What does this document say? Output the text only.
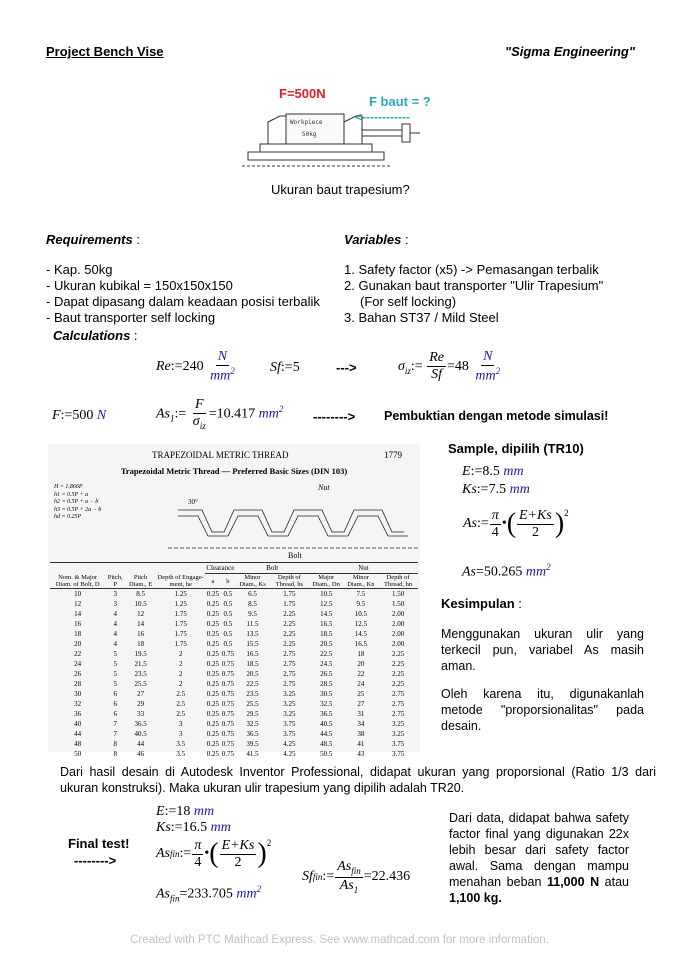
Project Bench Vise	"Sigma Engineering"
F=500N
F baut = ?
<------------
Workpiece
50kg
Ukuran baut trapesium?
Requirements :
- Kap. 50kg
- Ukuran kubikal = 150x150x150
- Dapat dipasang dalam keadaan posisi terbalik
- Baut transporter self locking
Variables :
1. Safety factor (x5) -> Pemasangan terbalik
2. Gunakan baut transporter "Ulir Trapesium"
(For self locking)
3. Bahan ST37 / Mild Steel
Calculations :
Re:=240 $\frac{N}{mm^2}$ Sf:=5	--->	$\sigma_{iz}:= \frac{Re}{Sf} =48 \frac{N}{mm^2}$
F:=500 N	$As_1:= \frac{F}{\sigma_{iz}} =10.417$ $mm^2$
--------> Pembuktian dengan metode simulasi!
TRAPEZOIDAL METRIC THREAD	1779
Trapezoidal Metric Thread — Preferred Basic Sizes (DIN 103)
H = 1.866P
h1 = 0.5P + a
h2 = 0.5P + a − b
h3 = 0.5P + 2a − b
hd = 0.25P
Nut
Bolt
30°
				Clearance		Bolt		Nut		
Nom. & Major Diam. of Bolt, D	Pitch, P	Pitch Diam., E	Depth of Engage-ment, he	a	b	Minor Diam., Ks	Depth of Thread, hs	Major Diam., Dn	Minor Diam., Kn	Depth of Thread, hn
10	3	8.5	1.25	0.25	0.5	6.5	1.75	10.5	7.5	1.50
12	3	10.5	1.25	0.25	0.5	8.5	1.75	12.5	9.5	1.50
14	4	12	1.75	0.25	0.5	9.5	2.25	14.5	10.5	2.00
16	4	14	1.75	0.25	0.5	11.5	2.25	16.5	12.5	2.00
18	4	16	1.75	0.25	0.5	13.5	2.25	18.5	14.5	2.00
20	4	18	1.75	0.25	0.5	15.5	2.25	20.5	16.5	2.00
22	5	19.5	2	0.25	0.75	16.5	2.75	22.5	18	2.25
24	5	21.5	2	0.25	0.75	18.5	2.75	24.5	20	2.25
26	5	23.5	2	0.25	0.75	20.5	2.75	26.5	22	2.25
28	5	25.5	2	0.25	0.75	22.5	2.75	28.5	24	2.25
30	6	27	2.5	0.25	0.75	23.5	3.25	30.5	25	2.75
32	6	29	2.5	0.25	0.75	25.5	3.25	32.5	27	2.75
36	6	33	2.5	0.25	0.75	29.5	3.25	36.5	31	2.75
40	7	36.5	3	0.25	0.75	32.5	3.75	40.5	34	3.25
44	7	40.5	3	0.25	0.75	36.5	3.75	44.5	38	3.25
48	8	44	3.5	0.25	0.75	39.5	4.25	48.5	41	3.75
50	8	46	3.5	0.25	0.75	41.5	4.25	50.5	43	3.75
Sample, dipilih (TR10)
E:=8.5 mm
Ks:=7.5 mm
As := $\frac{\pi}{4}$ • ( $\frac{E+Ks}{2} )^2$
As=50.265 $mm^2$
Kesimpulan :
Menggunakan ukuran ulir yang terkecil pun, variabel As masih aman.
Oleh karena itu, digunakanlah metode "proporsionalitas" pada desain.
Dari hasil desain di Autodesk Inventor Professional, didapat ukuran yang proporsional (Ratio 1/3 dari ukuran konstruksi). Maka ukuran ulir trapesium yang dipilih adalah TR20.
Final test!
-------->
E:=18 mm
Ks:=16.5 mm
As fin := $\frac{\pi}{4}$ • ( $\frac{E+Ks}{2} )^2$
$As_{fin}=233.705$ $mm^2$
Sf fin := $\frac{As_{fin}}{As_1} = 22.436$
Dari data, didapat bahwa safety factor final yang digunakan 22x lebih besar dari safety factor awal. Sama dengan mampu menahan beban 11,000 N atau 1,100 kg.
Created with PTC Mathcad Express. See www.mathcad.com for more information.
